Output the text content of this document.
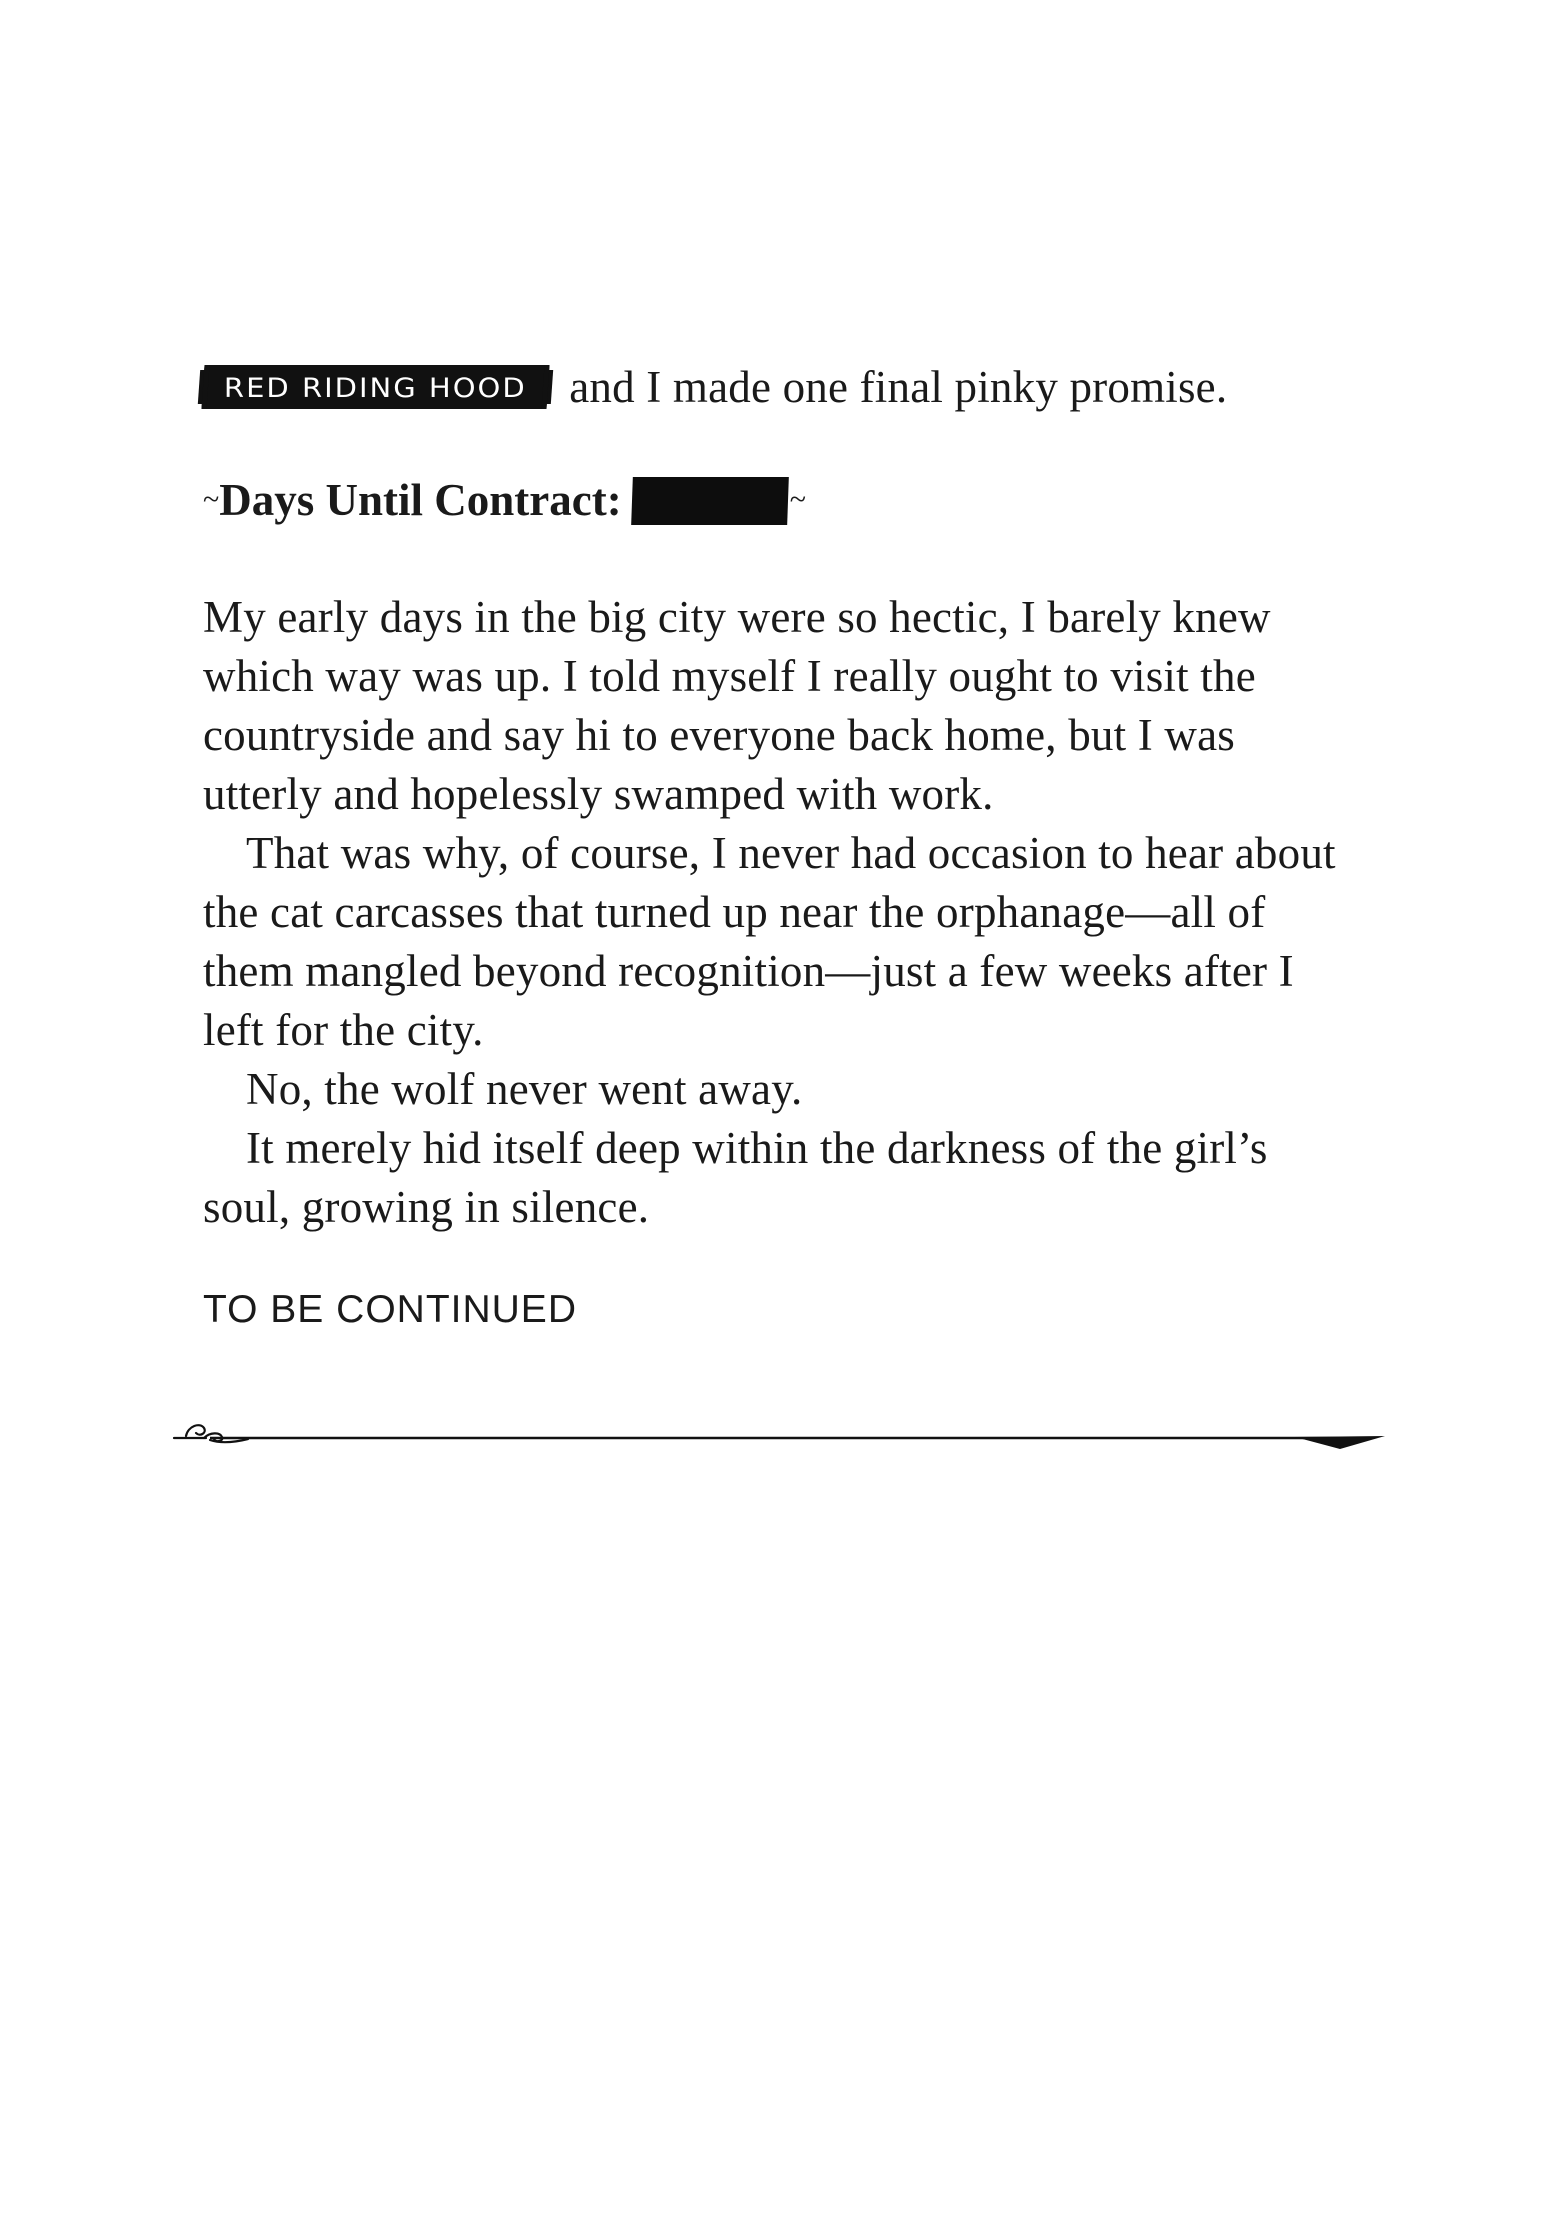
RED RIDING HOOD and I made one final pinky promise.
~Days Until Contract:	~

My early days in the big city were so hectic, I barely knew which way was up. I told myself I really ought to visit the countryside and say hi to everyone back home, but I was utterly and hopelessly swamped with work.

That was why, of course, I never had occasion to hear about the cat carcasses that turned up near the orphanage—all of them mangled beyond recognition—just a few weeks after I left for the city.

No, the wolf never went away.

It merely hid itself deep within the darkness of the girl’s soul, growing in silence.

TO BE CONTINUED
